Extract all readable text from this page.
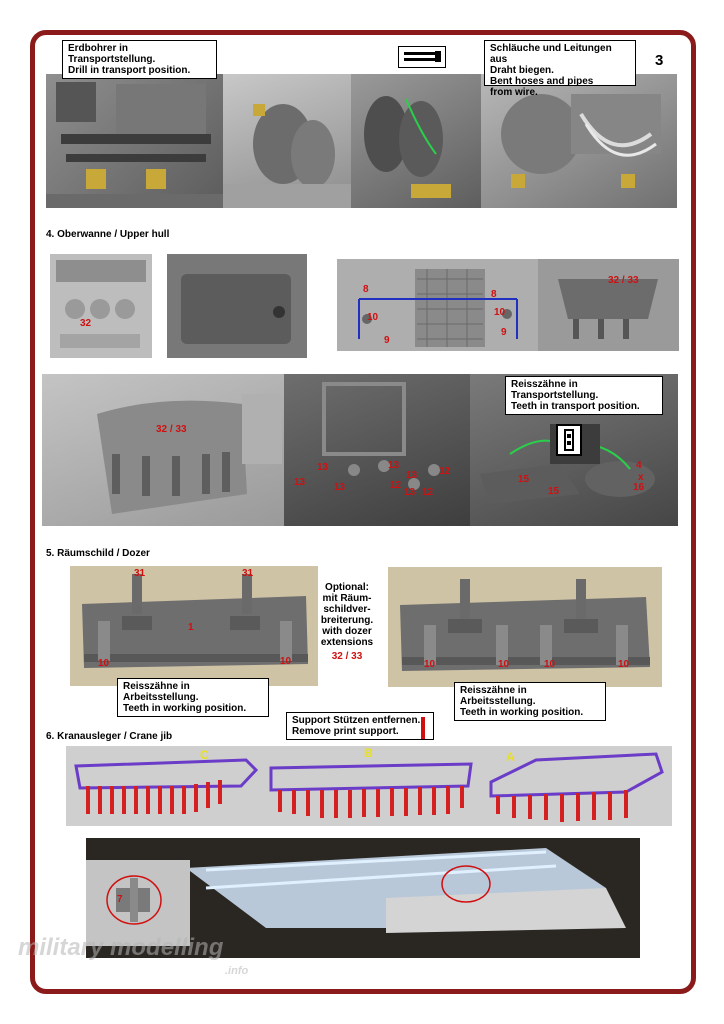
3
Erdbohrer in Transportstellung.
Drill in transport position.
Schläuche und Leitungen aus
Draht biegen.
Bent hoses and pipes
from wire.
4. Oberwanne / Upper hull
32
8	8
10	10
9
9
32 / 33
32 / 33
13
13
13
13
13
12
12
12
13
15
15
4
x
16
Reisszähne in Transportstellung.
Teeth in transport position.
5. Räumschild / Dozer
31	31
1
10	10
Optional:
mit Räum-
schildver-
breiterung.
with dozer
extensions
32 / 33
10	10	10	10
Reisszähne in Arbeitsstellung.
Teeth in working position.
Reisszähne in Arbeitsstellung.
Teeth in working position.
Support Stützen entfernen.
Remove print support.
6. Kranausleger / Crane jib
C	B	A
7
military modelling
.info
